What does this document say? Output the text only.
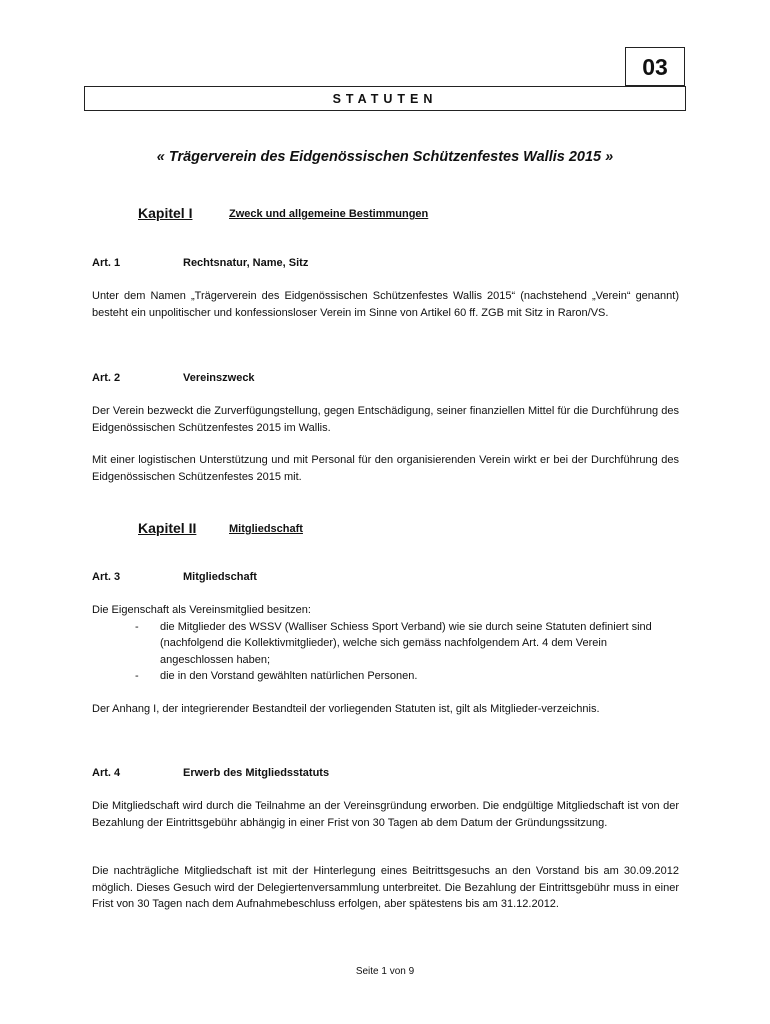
03
STATUTEN
« Trägerverein des Eidgenössischen Schützenfestes Wallis 2015 »
Kapitel I	Zweck und allgemeine Bestimmungen
Art. 1	Rechtsnatur, Name, Sitz
Unter dem Namen „Trägerverein des Eidgenössischen Schützenfestes Wallis 2015“ (nachstehend „Verein“ genannt) besteht ein unpolitischer und konfessionsloser Verein im Sinne von Artikel 60 ff. ZGB mit Sitz in Raron/VS.
Art. 2	Vereinszweck
Der Verein bezweckt die Zurverfügungstellung, gegen Entschädigung, seiner finanziellen Mittel für die Durchführung des Eidgenössischen Schützenfestes 2015 im Wallis.
Mit einer logistischen Unterstützung und mit Personal für den organisierenden Verein wirkt er bei der Durchführung des Eidgenössischen Schützenfestes 2015 mit.
Kapitel II	Mitgliedschaft
Art. 3	Mitgliedschaft
Die Eigenschaft als Vereinsmitglied besitzen:
- die Mitglieder des WSSV (Walliser Schiess Sport Verband) wie sie durch seine Statuten definiert sind (nachfolgend die Kollektivmitglieder), welche sich gemäss nachfolgendem Art. 4 dem Verein angeschlossen haben;
- die in den Vorstand gewählten natürlichen Personen.
Der Anhang I, der integrierender Bestandteil der vorliegenden Statuten ist, gilt als Mitglieder-verzeichnis.
Art. 4	Erwerb des Mitgliedsstatuts
Die Mitgliedschaft wird durch die Teilnahme an der Vereinsgründung erworben. Die endgültige Mitgliedschaft ist von der Bezahlung der Eintrittsgebühr abhängig in einer Frist von 30 Tagen ab dem Datum der Gründungssitzung.
Die nachträgliche Mitgliedschaft ist mit der Hinterlegung eines Beitrittsgesuchs an den Vorstand bis am 30.09.2012 möglich. Dieses Gesuch wird der Delegiertenversammlung unterbreitet. Die Bezahlung der Eintrittsgebühr muss in einer Frist von 30 Tagen nach dem Aufnahmebeschluss erfolgen, aber spätestens bis am 31.12.2012.
Seite 1 von 9
